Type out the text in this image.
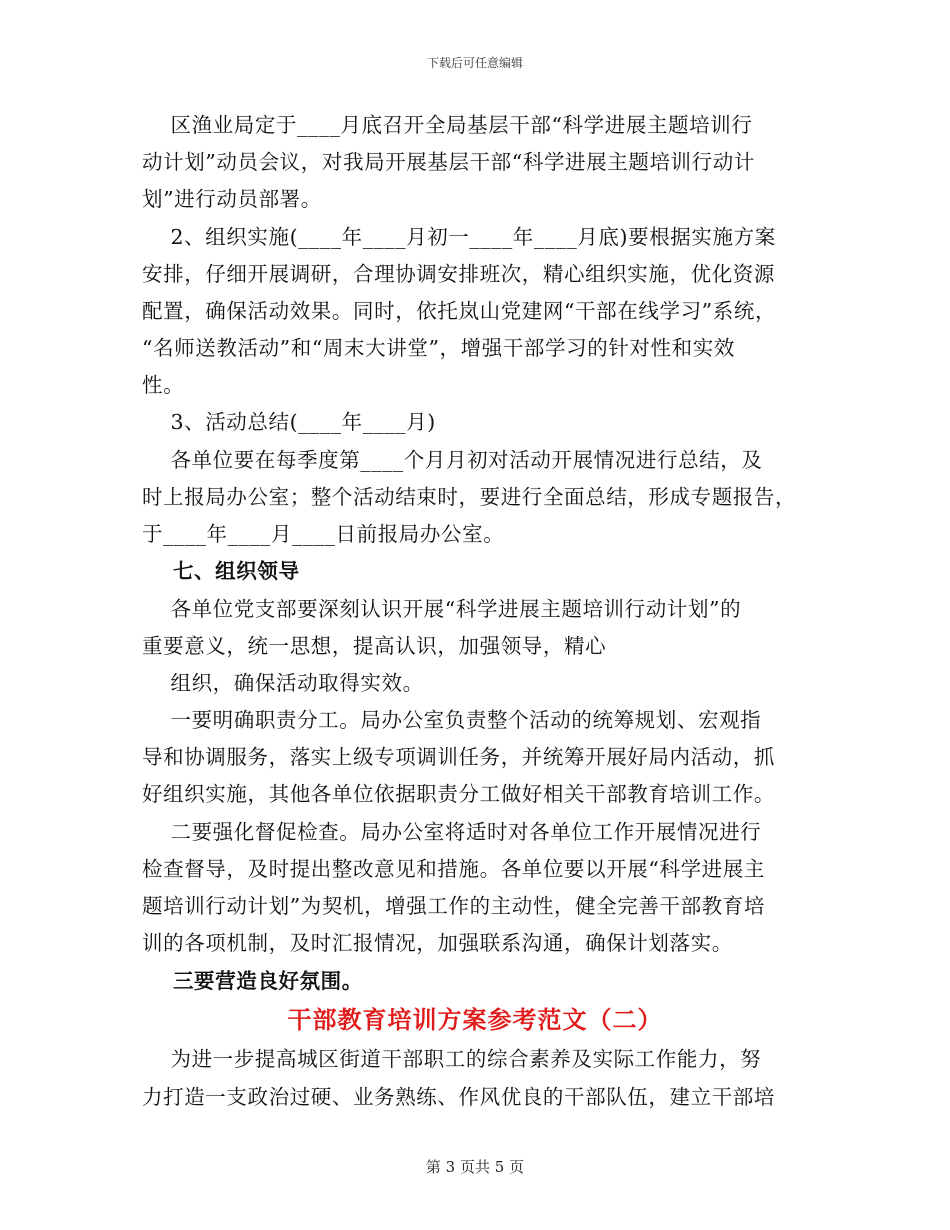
下载后可任意编辑
区渔业局定于____月底召开全局基层干部“科学进展主题培训行
动计划”动员会议，对我局开展基层干部“科学进展主题培训行动计
划”进行动员部署。
2、组织实施(____年____月初一____年____月底)要根据实施方案
安排，仔细开展调研，合理协调安排班次，精心组织实施，优化资源
配置，确保活动效果。同时，依托岚山党建网“干部在线学习”系统，
“名师送教活动”和“周末大讲堂”，增强干部学习的针对性和实效
性。
3、活动总结(____年____月)
各单位要在每季度第____个月月初对活动开展情况进行总结，及
时上报局办公室；整个活动结束时，要进行全面总结，形成专题报告，
于____年____月____日前报局办公室。
七、组织领导
各单位党支部要深刻认识开展“科学进展主题培训行动计划”的
重要意义，统一思想，提高认识，加强领导，精心
组织，确保活动取得实效。
一要明确职责分工。局办公室负责整个活动的统筹规划、宏观指
导和协调服务，落实上级专项调训任务，并统筹开展好局内活动，抓
好组织实施，其他各单位依据职责分工做好相关干部教育培训工作。
二要强化督促检查。局办公室将适时对各单位工作开展情况进行
检查督导，及时提出整改意见和措施。各单位要以开展“科学进展主
题培训行动计划”为契机，增强工作的主动性，健全完善干部教育培
训的各项机制，及时汇报情况，加强联系沟通，确保计划落实。
三要营造良好氛围。
干部教育培训方案参考范文（二）
为进一步提高城区街道干部职工的综合素养及实际工作能力，努
力打造一支政治过硬、业务熟练、作风优良的干部队伍，建立干部培
第 3 页共 5 页
